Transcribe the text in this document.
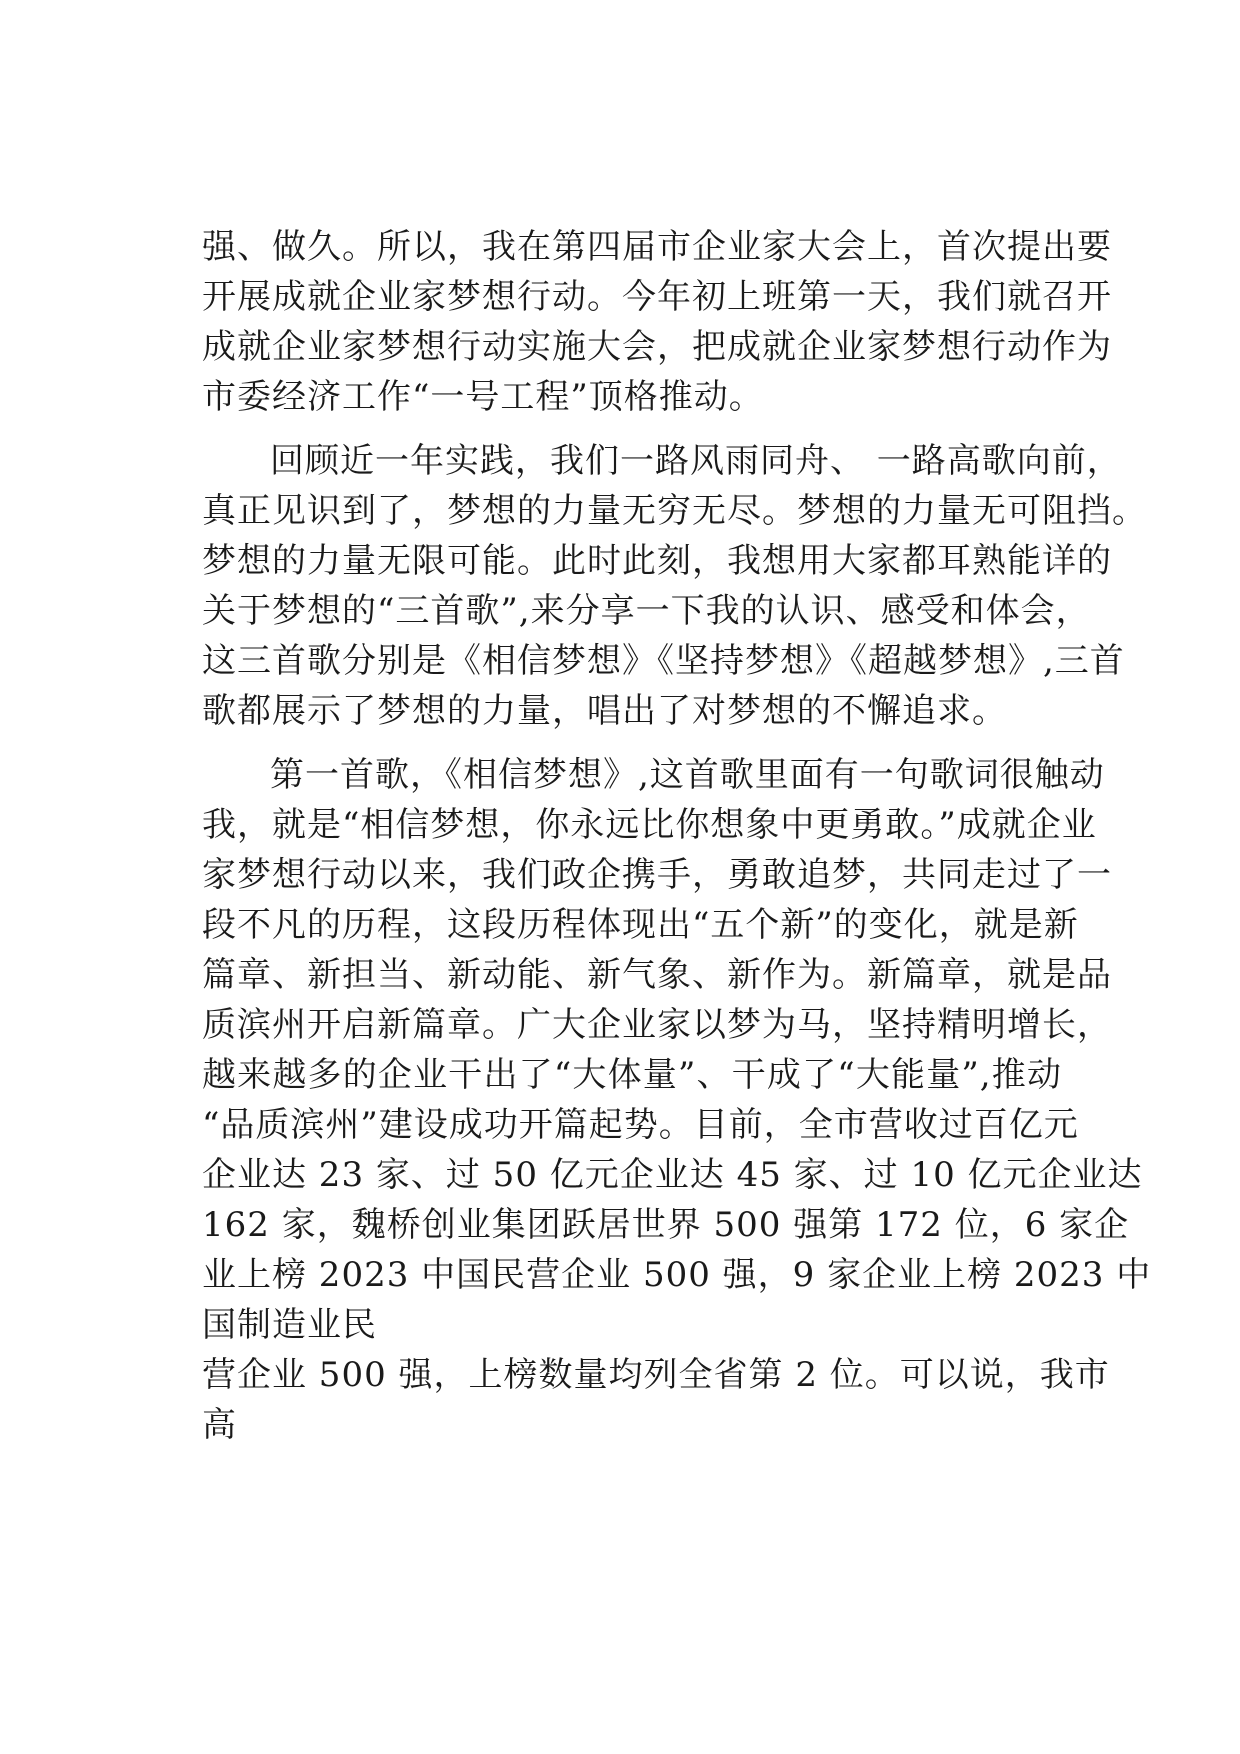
强、做久。所以，我在第四届市企业家大会上，首次提出要
开展成就企业家梦想行动。今年初上班第一天，我们就召开
成就企业家梦想行动实施大会，把成就企业家梦想行动作为
市委经济工作“一号工程”顶格推动。
回顾近一年实践，我们一路风雨同舟、 一路高歌向前，
真正见识到了，梦想的力量无穷无尽。梦想的力量无可阻挡。
梦想的力量无限可能。此时此刻，我想用大家都耳熟能详的
关于梦想的“三首歌”,来分享一下我的认识、感受和体会，
这三首歌分别是《相信梦想》《坚持梦想》《超越梦想》,三首
歌都展示了梦想的力量，唱出了对梦想的不懈追求。
第一首歌，《相信梦想》,这首歌里面有一句歌词很触动
我，就是“相信梦想，你永远比你想象中更勇敢。”成就企业
家梦想行动以来，我们政企携手，勇敢追梦，共同走过了一
段不凡的历程，这段历程体现出“五个新”的变化，就是新
篇章、新担当、新动能、新气象、新作为。新篇章，就是品
质滨州开启新篇章。广大企业家以梦为马，坚持精明增长，
越来越多的企业干出了“大体量”、干成了“大能量”,推动
“品质滨州”建设成功开篇起势。目前，全市营收过百亿元
企业达 23 家、过 50 亿元企业达 45 家、过 10 亿元企业达
162 家，魏桥创业集团跃居世界 500 强第 172 位，6 家企
业上榜 2023 中国民营企业 500 强，9 家企业上榜 2023 中
国制造业民
营企业 500 强，上榜数量均列全省第 2 位。可以说，我市
高
